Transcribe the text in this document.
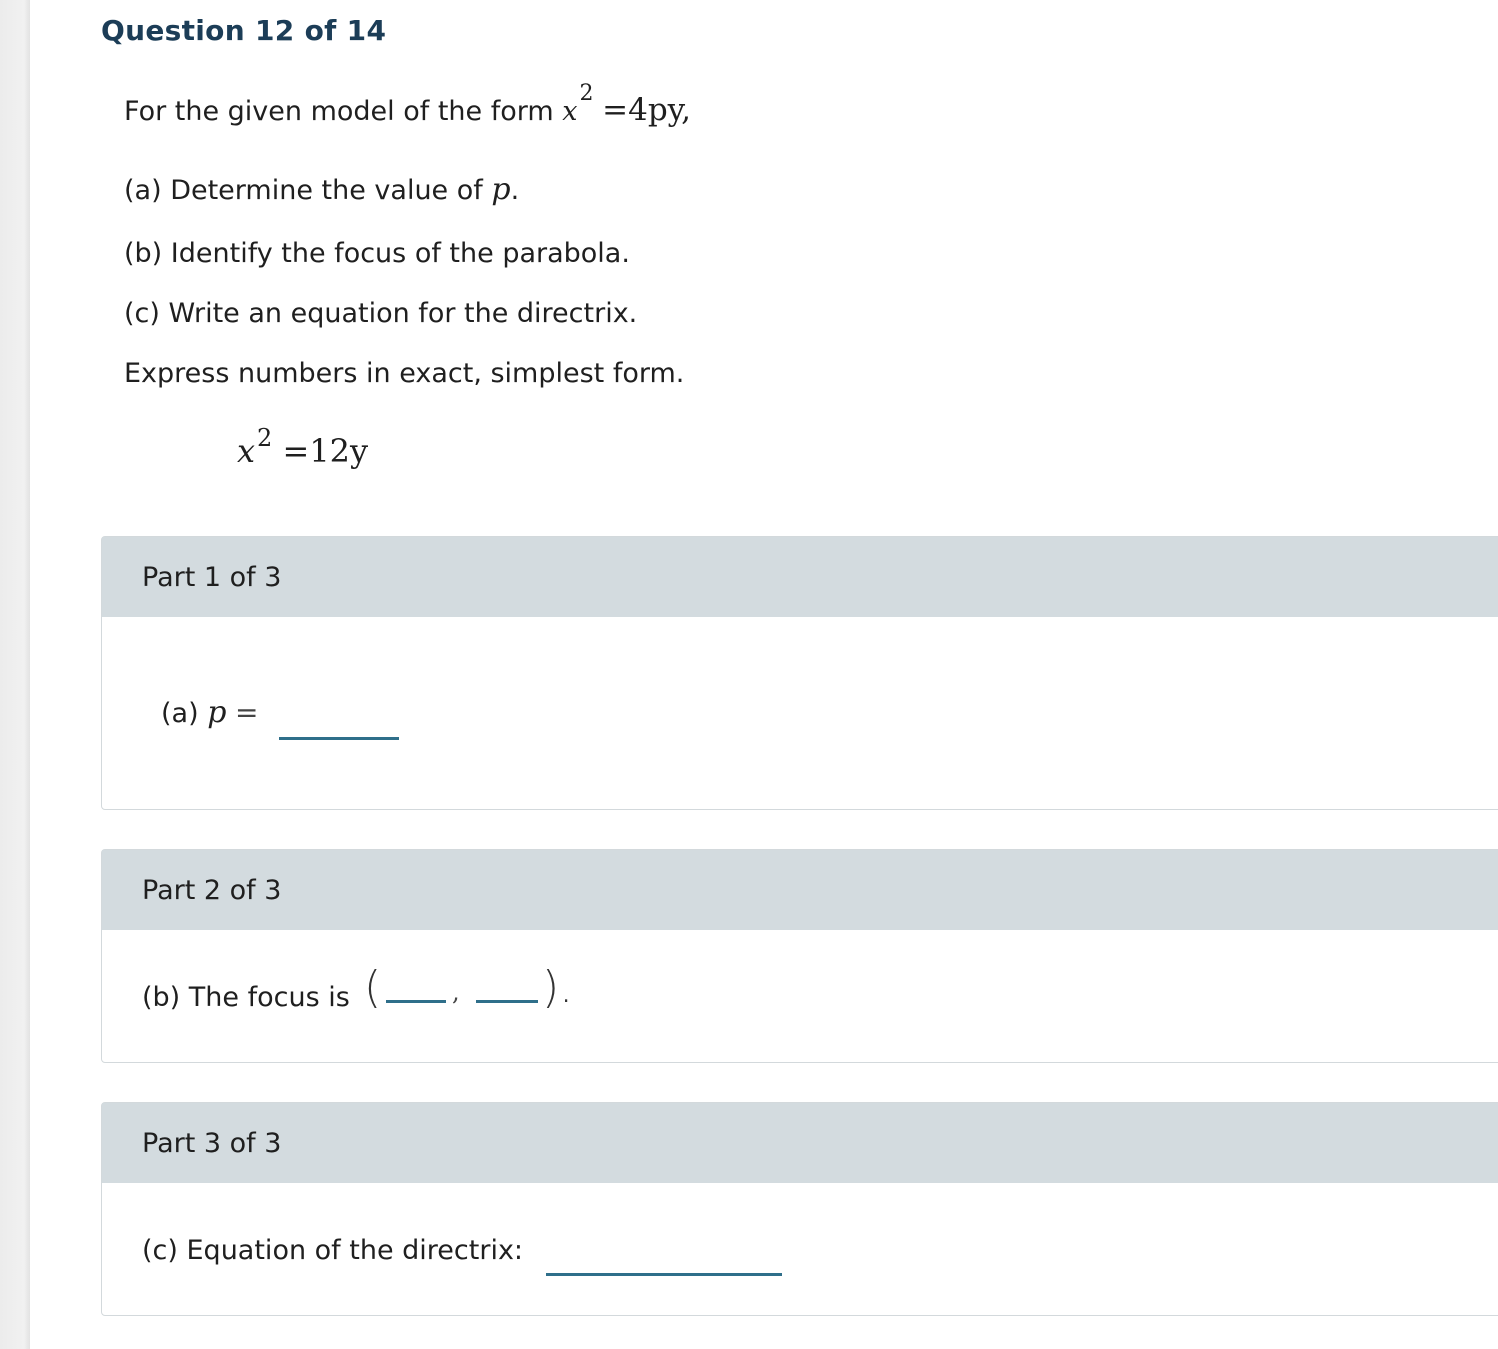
Question 12 of 14
For the given model of the form $x^2 =4py$,
(a) Determine the value of p.
(b) Identify the focus of the parabola.
(c) Write an equation for the directrix.
Express numbers in exact, simplest form.
$x^2 =12y$
Part 1 of 3
(a) p =
Part 2 of 3
(b) The focus is (	, ).
Part 3 of 3
(c) Equation of the directrix:
